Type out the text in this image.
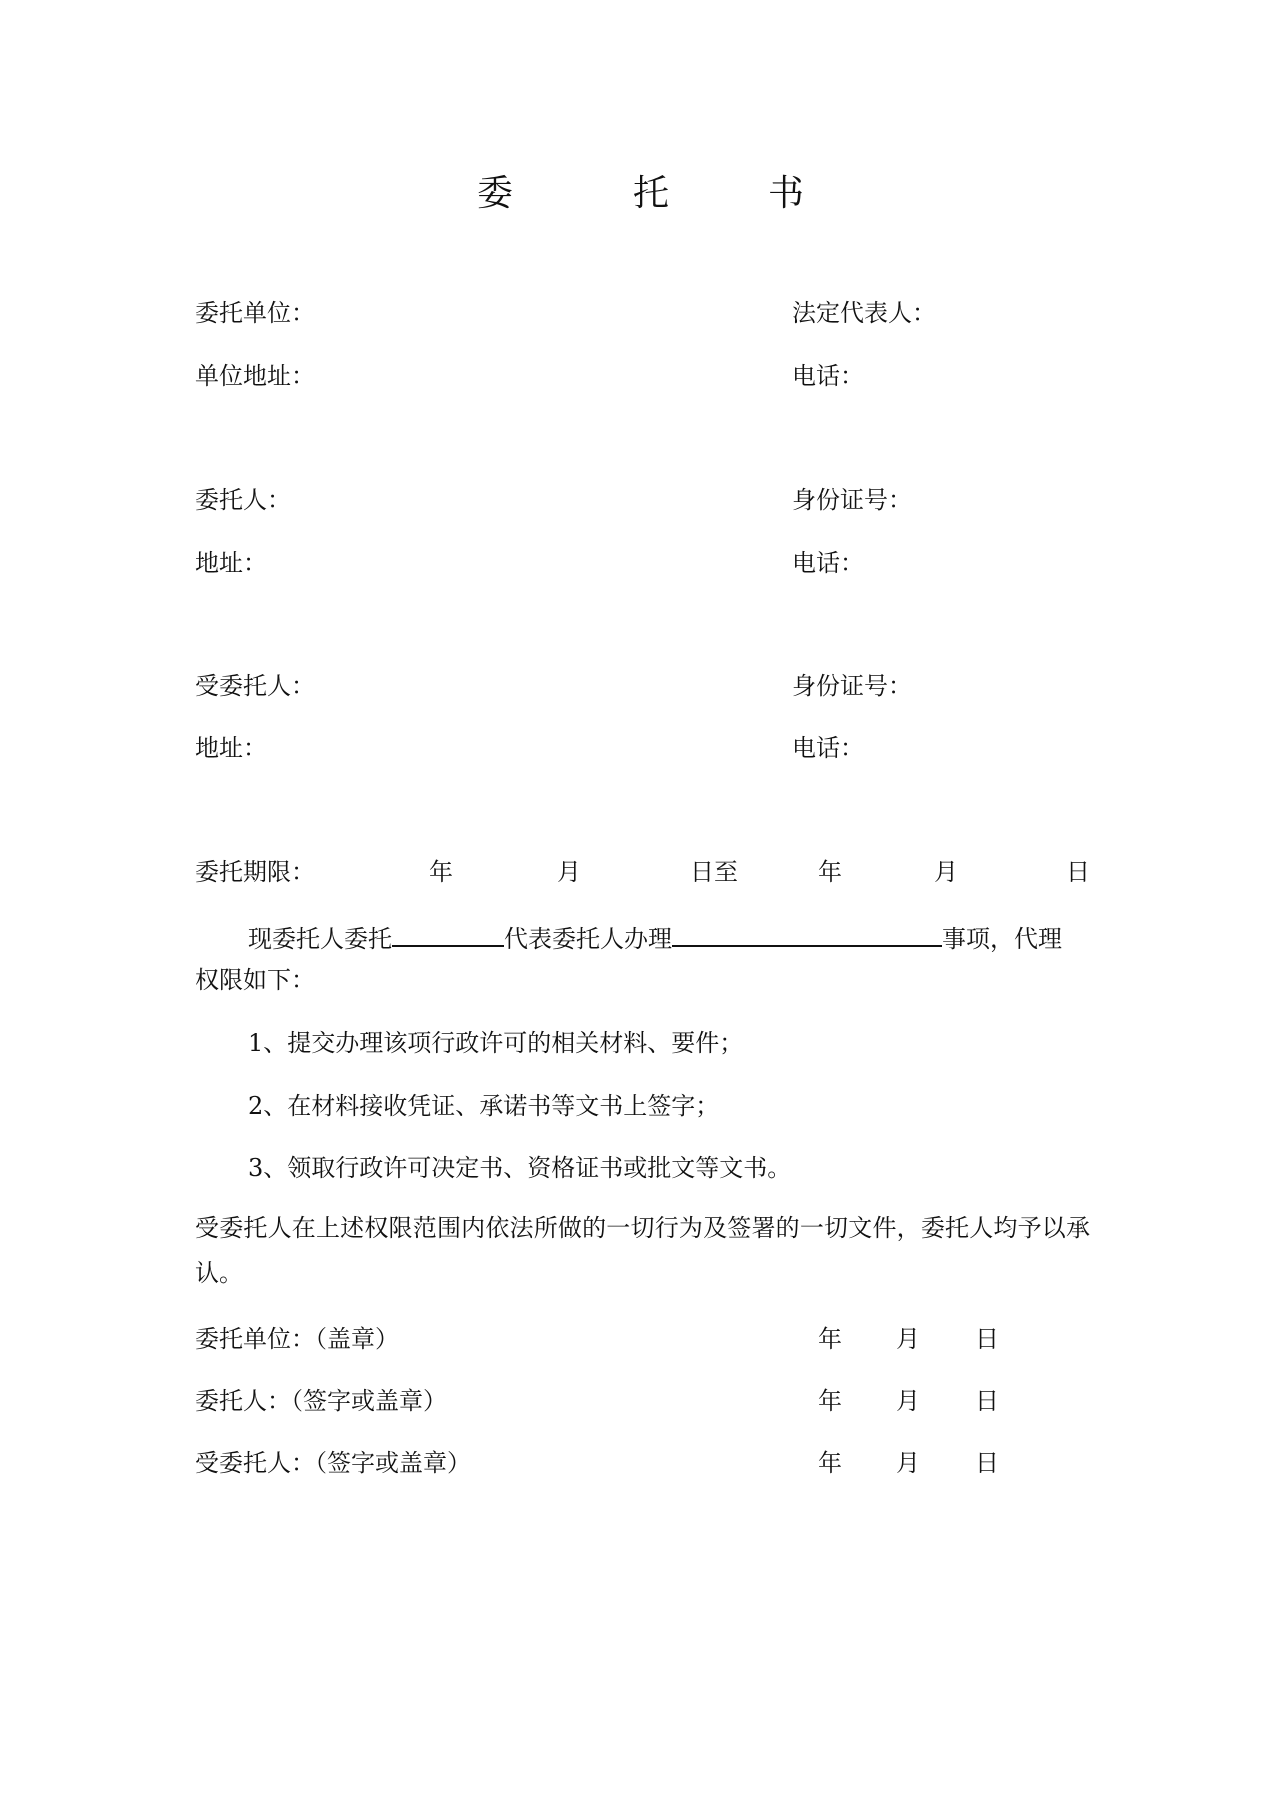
委	托	书
委托单位：	法定代表人：
单位地址：	电话：
委托人：	身份证号：
地址：	电话：
受委托人：	身份证号：
地址：	电话：
委托期限：	年	月	日至	年	月	日
现委托人委托	代表委托人办理	事项，代理
权限如下：
1、提交办理该项行政许可的相关材料、要件；
2、在材料接收凭证、承诺书等文书上签字；
3、领取行政许可决定书、资格证书或批文等文书。
受委托人在上述权限范围内依法所做的一切行为及签署的一切文件，委托人均予以承认。
委托单位：（盖章）	年 月 日
委托人：（签字或盖章）	年 月 日
受委托人：（签字或盖章）	年 月 日
